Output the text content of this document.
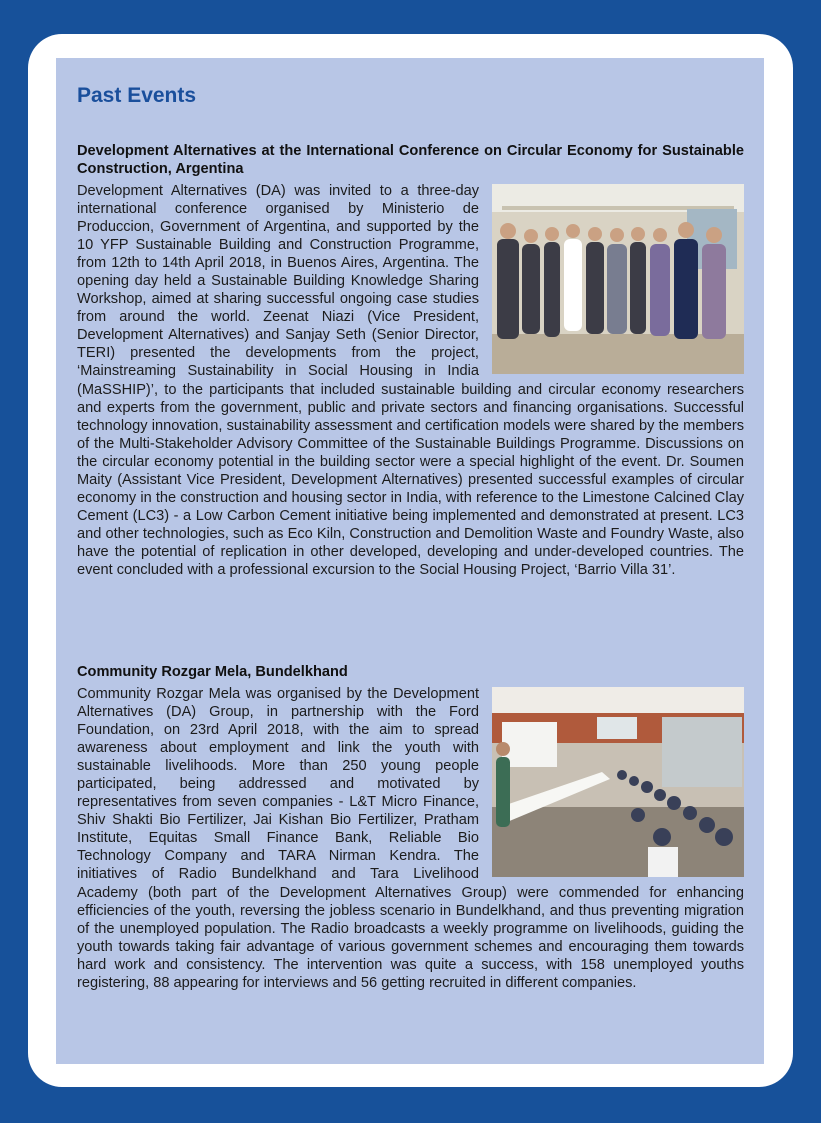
Past Events
Development Alternatives at the International Conference on Circular Economy for Sustainable Construction, Argentina

Development Alternatives (DA) was invited to a three-day international conference organised by Ministerio de Produccion, Government of Argentina, and supported by the 10 YFP Sustainable Building and Construction Programme, from 12th to 14th April 2018, in Buenos Aires, Argentina. The opening day held a Sustainable Building Knowledge Sharing Workshop, aimed at sharing successful ongoing case studies from around the world. Zeenat Niazi (Vice President, Development Alternatives) and Sanjay Seth (Senior Director, TERI) presented the developments from the project, ‘Mainstreaming Sustainability in Social Housing in India (MaSSHIP)’, to the participants that included sustainable building and circular economy researchers and experts from the government, public and private sectors and financing organisations. Successful technology innovation, sustainability assessment and certification models were shared by the members of the Multi-Stakeholder Advisory Committee of the Sustainable Buildings Programme. Discussions on the circular economy potential in the building sector were a special highlight of the event. Dr. Soumen Maity (Assistant Vice President, Development Alternatives) presented successful examples of circular economy in the construction and housing sector in India, with reference to the Limestone Calcined Clay Cement (LC3) - a Low Carbon Cement initiative being implemented and demonstrated at present. LC3 and other technologies, such as Eco Kiln, Construction and Demolition Waste and Foundry Waste, also have the potential of replication in other developed, developing and under-developed countries. The event concluded with a professional excursion to the Social Housing Project, ‘Barrio Villa 31’.

Community Rozgar Mela, Bundelkhand

Community Rozgar Mela was organised by the Development Alternatives (DA) Group, in partnership with the Ford Foundation, on 23rd April 2018, with the aim to spread awareness about employment and link the youth with sustainable livelihoods. More than 250 young people participated, being addressed and motivated by representatives from seven companies - L&T Micro Finance, Shiv Shakti Bio Fertilizer, Jai Kishan Bio Fertilizer, Pratham Institute, Equitas Small Finance Bank, Reliable Bio Technology Company and TARA Nirman Kendra. The initiatives of Radio Bundelkhand and Tara Livelihood Academy (both part of the Development Alternatives Group) were commended for enhancing efficiencies of the youth, reversing the jobless scenario in Bundelkhand, and thus preventing migration of the unemployed population. The Radio broadcasts a weekly programme on livelihoods, guiding the youth towards taking fair advantage of various government schemes and encouraging them towards hard work and consistency. The intervention was quite a success, with 158 unemployed youths registering, 88 appearing for interviews and 56 getting recruited in different companies.
